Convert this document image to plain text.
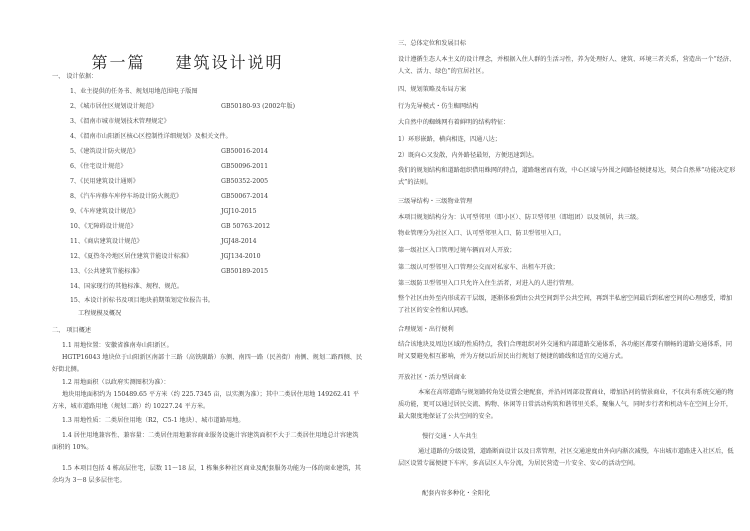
第一篇 建筑设计说明
一、 设计依据：
1、业主提供的任务书、规划用地范围电子版图
2、《城市居住区规划设计规范》	GB50180-93 (2002年版)
3、《渭南市城市规划技术管理规定》
4、《渭南市山阳新区核心区控制性详细规划》及相关文件。
5、《建筑设计防火规范》	GB50016-2014
6、《住宅设计规范》	GB50096-2011
7、《民用建筑设计通则》	GB50352-2005
8、《汽车库修车库停车场设计防火规范》	GB50067-2014
9、《车库建筑设计规范》	JGJ10-2015
10、《无障碍设计规范》	GB 50763-2012
11、《商店建筑设计规范》	JGJ48-2014
12、《夏热冬冷地区居住建筑节能设计标准》	JGJ134-2010
13、《公共建筑节能标准》	GB50189-2015
14、国家现行的其他标准、规程、规范。
15、本设计折标书及项目地块前期策划定位报告书。
工程规模及概况
二、 项目概述
1.1 用地位置：安徽省淮南寿山阳新区。
HGTP16043 地块位于山阳新区南部十三路（高铁副路）东侧、南四一路（民善街）南侧、规划二路西侧、民好街北侧。
1.2 用地面积（以政府实测图积为准）：
地块用地面积约为 150489.65 平方米（约 225.7345 亩，以实测为准）；其中二类居住用地 149262.41 平方米，城市道路用地（规划二路）约 10227.24 平方米。
1.3 用地性质：二类居住用地（R2，C5-1 地块）、城市道路用地。
1.4 居住用地兼容性、兼容量：二类居住用地兼容商业服务设施计容建筑面积不大于二类居住用地总计容建筑面积的 10%。
1.5 本项目包括 4 栋高层住宅，层数 11～18 层，1 栋集多种社区商业及配套服务功能为一体的商业建筑，其余均为 3～8 层多层住宅。
三、总体定位和发展目标
设计遵循生态人本主义的设计理念，并根据入住人群的生活习性，养为处理好人、建筑、环境三者关系，营造出一个“经济、人文、活力、绿色”的宜居社区。
四、规划策略及布局方案
行为先导模式・仿生蜘网结构
大自然中的蜘蛛网有着鲜明的结构特征：
1）环形嵌路，横向相连，四通八达；
2）既向心又发散，内外路径最短，方便迅速到达。
我们的规划结构和道路组织借用蛛网的特点，道路继密而有效，中心区域与外围之间路径便捷易达，契合自然界“功能决定形式”的法则。
三级导结构・三级物业管理
本项目规划结构分为：认可型邻里（即小区）、防卫型邻里（即组团）以及领居，共三级。
物业管理分为社区入口、认可型邻里入口、防卫型邻里入口。
第一级社区入口管理过境车辆而对人开放；
第二级认可型邻里入口管理公交而对私家车、出租车开放；
第三级防卫型邻里入口只允许入住生活者，对进入的人进行管理。
整个社区由外至内形成若干层级，逐渐体验到由公共空间到半公共空间，再到半私密空间最后到私密空间的心理感受，增加了社区的安全性和认同感。
合理规划・出行便利
结合该地块及周边区域的性质特点，我们合理组织对外交通和内部道路交通体系，各功能区都要有顺畅的道路交通体系，同时又要避免相互影响，并为方便以后居民出行规划了便捷的路线和适宜的交通方式。
开放社区・活力型居商业
本案在高塔道路与规划路转角处设置会建配套，并沿河周部设置商业，增加沿河的情景商业，不仅共有系统交通的物质功能，更可以通过居民交流、购物、休闲等日常活动构筑和谐邻里关系，聚集人气，同时步行者和机动车在空间上分开，最大限度地保证了公共空间的安全。
慢行交通・人车共生
通过道路的分级设置，道路断面设计以及日常管理，社区交通速度由外向内渐次减慢，车出城市道路进入社区后，低层区设置专属便捷下车库，多高层区人车分流，为居民营造一片安全、安心的活动空间。
配套内容多种化・全阳化
